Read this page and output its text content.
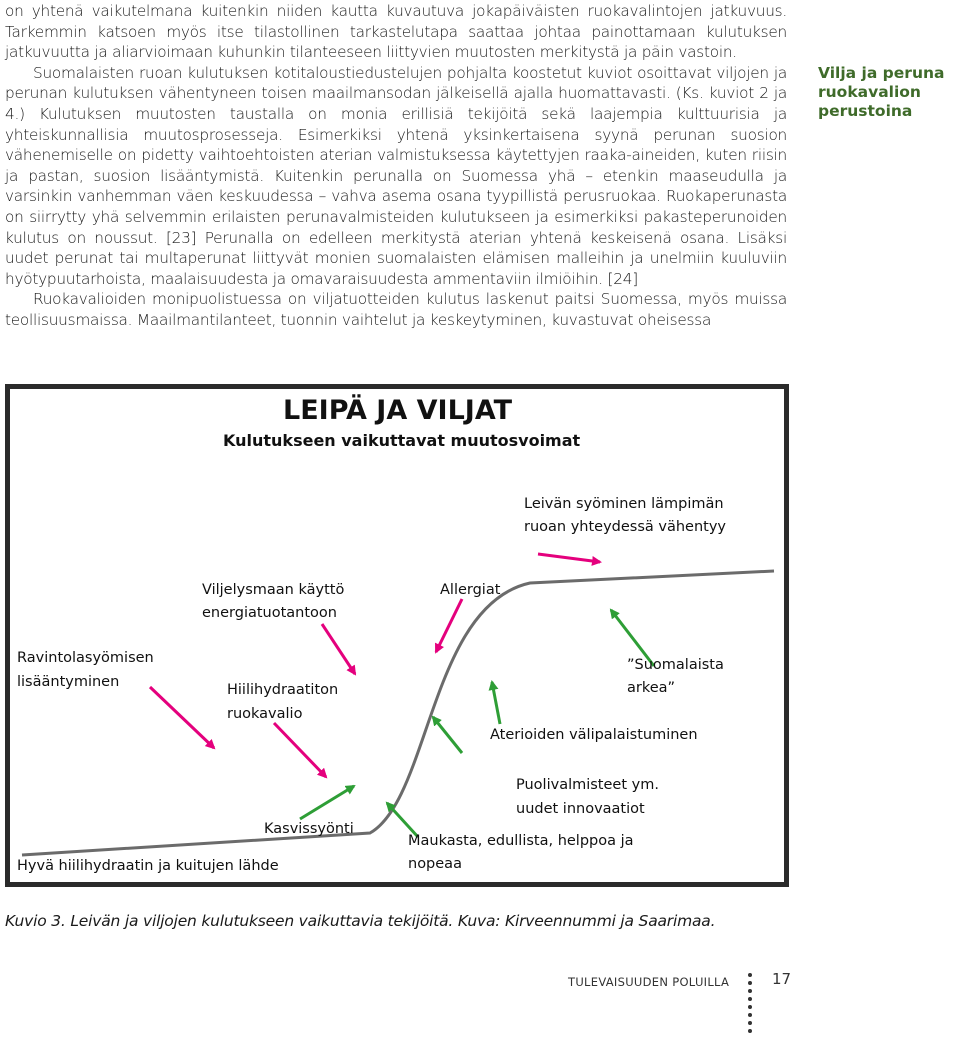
on yhtenä vaikutelmana kuitenkin niiden kautta kuvautuva jokapäiväisten ruokavalintojen jatkuvuus. Tarkemmin katsoen myös itse tilastollinen tarkastelutapa saattaa johtaa painottamaan kulutuksen jatkuvuutta ja aliarvioimaan kuhunkin tilanteeseen liittyvien muutosten merkitystä ja päin vastoin.

Suomalaisten ruoan kulutuksen kotitaloustiedustelujen pohjalta koostetut kuviot osoittavat viljojen ja perunan kulutuksen vähentyneen toisen maailmansodan jälkeisellä ajalla huomattavasti. (Ks. kuviot 2 ja 4.) Kulutuksen muutosten taustalla on monia erillisiä tekijöitä sekä laajempia kulttuurisia ja yhteiskunnallisia muutosprosesseja. Esimerkiksi yhtenä yksinkertaisena syynä perunan suosion vähenemiselle on pidetty vaihtoehtoisten aterian valmistuksessa käytettyjen raaka-aineiden, kuten riisin ja pastan, suosion lisääntymistä. Kuitenkin perunalla on Suomessa yhä – etenkin maaseudulla ja varsinkin vanhemman väen keskuudessa – vahva asema osana tyypillistä perusruokaa. Ruokaperunasta on siirrytty yhä selvemmin erilaisten perunavalmisteiden kulutukseen ja esimerkiksi pakasteperunoiden kulutus on noussut. [23] Perunalla on edelleen merkitystä aterian yhtenä keskeisenä osana. Lisäksi uudet perunat tai multaperunat liittyvät monien suomalaisten elämisen malleihin ja unelmiin kuuluviin hyötypuutarhoista, maalaisuudesta ja omavaraisuudesta ammentaviin ilmiöihin. [24]

Ruokavalioiden monipuolistuessa on viljatuotteiden kulutus laskenut paitsi Suomessa, myös muissa teollisuusmaissa. Maailmantilanteet, tuonnin vaihtelut ja keskeytyminen, kuvastuvat oheisessa

Vilja ja peruna ruokavalion perustoina
LEIPÄ JA VILJAT
Kulutukseen vaikuttavat muutosvoimat
Leivän syöminen lämpimän
ruoan yhteydessä vähentyy
Viljelysmaan käyttö
energiatuotantoon
Allergiat
Ravintolasyömisen
lisääntyminen
”Suomalaista
arkea”
Hiilihydraatiton
ruokavalio
Aterioiden välipalaistuminen
Puolivalmisteet ym.
uudet innovaatiot
Kasvissyönti
Maukasta, edullista, helppoa ja
nopeaa
Hyvä hiilihydraatin ja kuitujen lähde
Kuvio 3. Leivän ja viljojen kulutukseen vaikuttavia tekijöitä. Kuva: Kirveennummi ja Saarimaa.
TULEVAISUUDEN POLUILLA	17
